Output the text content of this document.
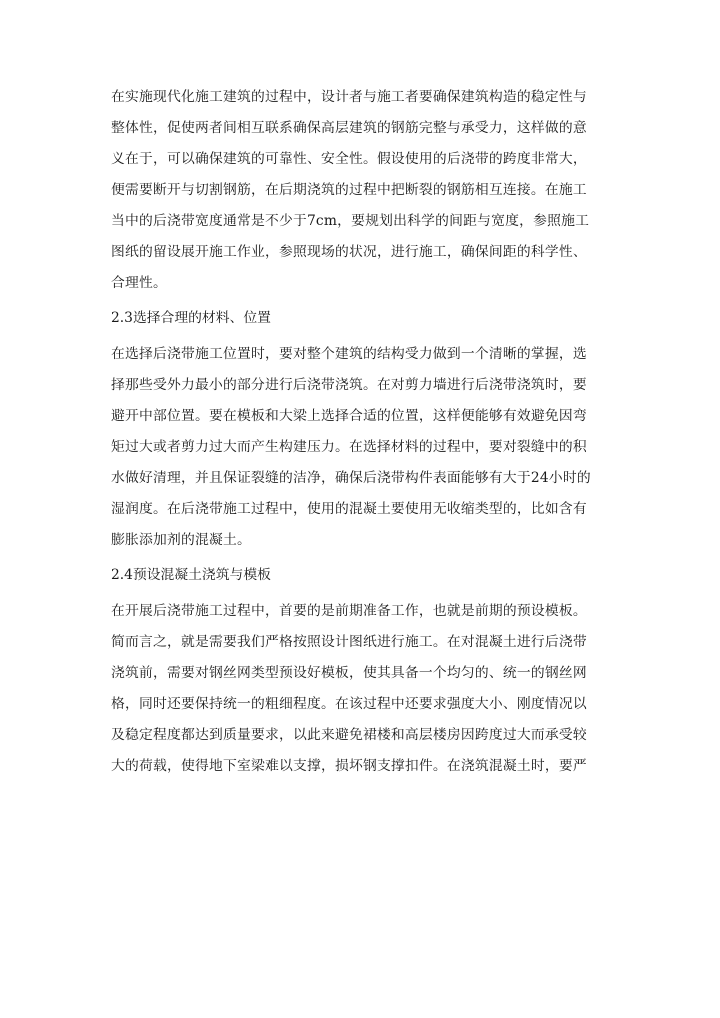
在实施现代化施工建筑的过程中，设计者与施工者要确保建筑构造的稳定性与
整体性，促使两者间相互联系确保高层建筑的钢筋完整与承受力，这样做的意
义在于，可以确保建筑的可靠性、安全性。假设使用的后浇带的跨度非常大，
便需要断开与切割钢筋，在后期浇筑的过程中把断裂的钢筋相互连接。在施工
当中的后浇带宽度通常是不少于7cm，要规划出科学的间距与宽度，参照施工
图纸的留设展开施工作业，参照现场的状况，进行施工，确保间距的科学性、
合理性。
2.3选择合理的材料、位置
在选择后浇带施工位置时，要对整个建筑的结构受力做到一个清晰的掌握，选
择那些受外力最小的部分进行后浇带浇筑。在对剪力墙进行后浇带浇筑时，要
避开中部位置。要在模板和大梁上选择合适的位置，这样便能够有效避免因弯
矩过大或者剪力过大而产生构建压力。在选择材料的过程中，要对裂缝中的积
水做好清理，并且保证裂缝的洁净，确保后浇带构件表面能够有大于24小时的
湿润度。在后浇带施工过程中，使用的混凝土要使用无收缩类型的，比如含有
膨胀添加剂的混凝土。
2.4预设混凝土浇筑与模板
在开展后浇带施工过程中，首要的是前期准备工作，也就是前期的预设模板。
简而言之，就是需要我们严格按照设计图纸进行施工。在对混凝土进行后浇带
浇筑前，需要对钢丝网类型预设好模板，使其具备一个均匀的、统一的钢丝网
格，同时还要保持统一的粗细程度。在该过程中还要求强度大小、刚度情况以
及稳定程度都达到质量要求，以此来避免裙楼和高层楼房因跨度过大而承受较
大的荷载，使得地下室梁难以支撑，损坏钢支撑扣件。在浇筑混凝土时，要严
